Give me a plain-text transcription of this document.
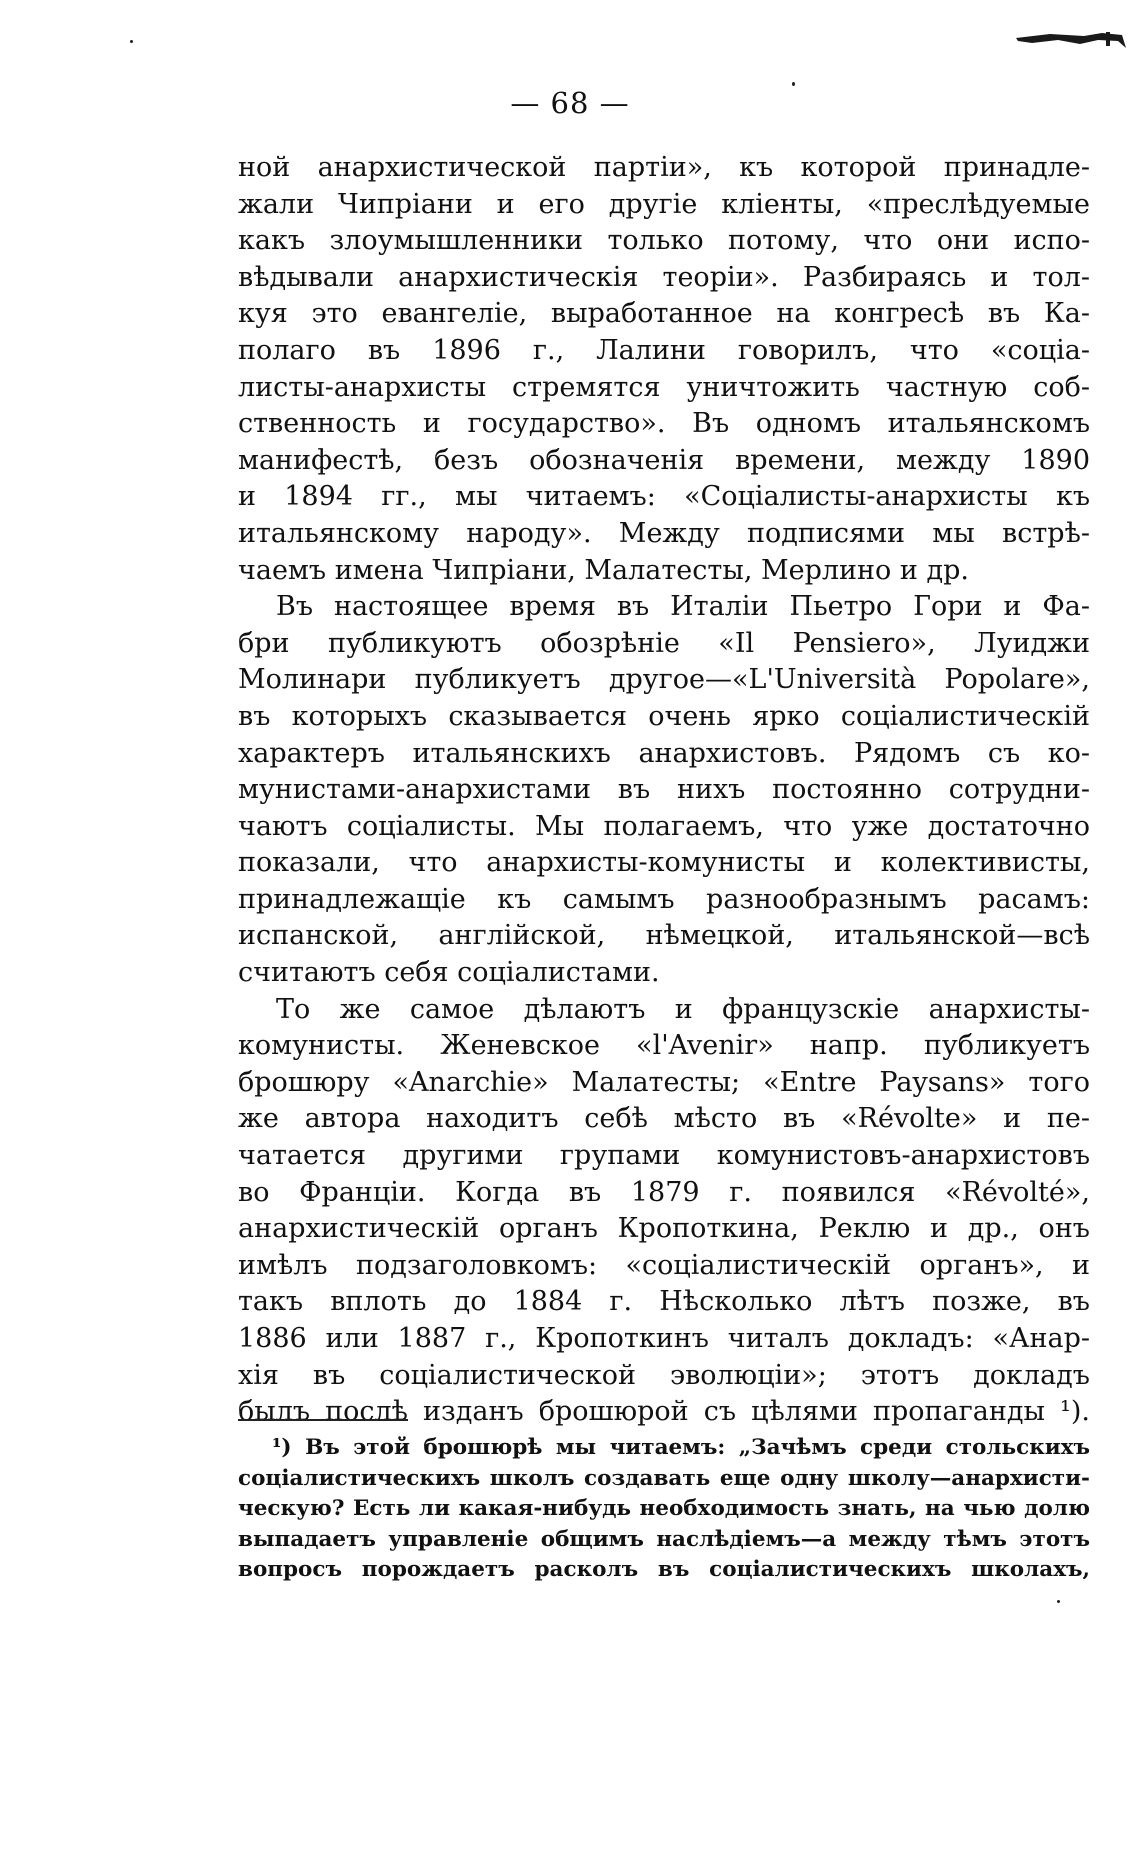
— 68 —
ной анархистической партіи», къ которой принадле-
жали Чипріани и его другіе кліенты, «преслѣдуемые
какъ злоумышленники только потому, что они испо-
вѣдывали анархистическія теоріи». Разбираясь и тол-
куя это евангеліе, выработанное на конгресѣ въ Ка-
полаго въ 1896 г., Лалини говорилъ, что «соціа-
листы-анархисты стремятся уничтожить частную соб-
ственность и государство». Въ одномъ итальянскомъ
манифестѣ, безъ обозначенія времени, между 1890
и 1894 гг., мы читаемъ: «Соціалисты-анархисты къ
итальянскому народу». Между подписями мы встрѣ-
чаемъ имена Чипріани, Малатесты, Мерлино и др.
Въ настоящее время въ Италіи Пьетро Гори и Фа-
бри публикуютъ обозрѣніе «Il Pensiero», Луиджи
Молинари публикуетъ другое—«L'Università Popolare»,
въ которыхъ сказывается очень ярко соціалистическій
характеръ итальянскихъ анархистовъ. Рядомъ съ ко-
мунистами-анархистами въ нихъ постоянно сотрудни-
чаютъ соціалисты. Мы полагаемъ, что уже достаточно
показали, что анархисты-комунисты и колективисты,
принадлежащіе къ самымъ разнообразнымъ расамъ:
испанской, англійской, нѣмецкой, итальянской—всѣ
считаютъ себя соціалистами.
То же самое дѣлаютъ и французскіе анархисты-
комунисты. Женевское «l'Avenir» напр. публикуетъ
брошюру «Anarchie» Малатесты; «Entre Paysans» того
же автора находитъ себѣ мѣсто въ «Révolte» и пе-
чатается другими групами комунистовъ-анархистовъ
во Франціи. Когда въ 1879 г. появился «Révolté»,
анархистическій органъ Кропоткина, Реклю и др., онъ
имѣлъ подзаголовкомъ: «соціалистическій органъ», и
такъ вплоть до 1884 г. Нѣсколько лѣтъ позже, въ
1886 или 1887 г., Кропоткинъ читалъ докладъ: «Анар-
хія въ соціалистической эволюціи»; этотъ докладъ
былъ послѣ изданъ брошюрой съ цѣлями пропаганды ¹).
¹) Въ этой брошюрѣ мы читаемъ: „Зачѣмъ среди стольскихъ
соціалистическихъ школъ создавать еще одну школу—анархисти-
ческую? Есть ли какая-нибудь необходимость знать, на чью долю
выпадаетъ управленіе общимъ наслѣдіемъ—а между тѣмъ этотъ
вопросъ порождаетъ расколъ въ соціалистическихъ школахъ,
